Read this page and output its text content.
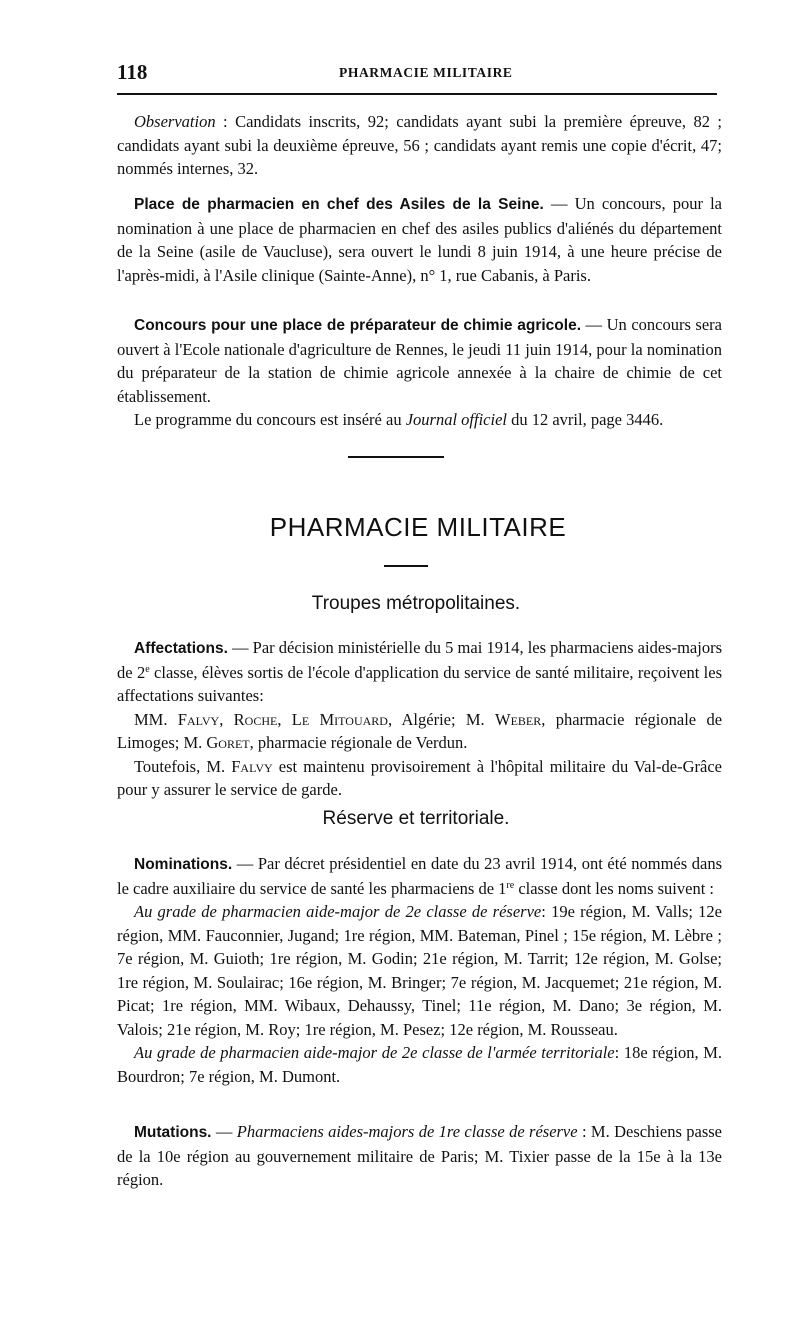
118	PHARMACIE MILITAIRE

Observation : Candidats inscrits, 92; candidats ayant subi la première épreuve, 82 ; candidats ayant subi la deuxième épreuve, 56 ; candidats ayant remis une copie d'écrit, 47; nommés internes, 32.

Place de pharmacien en chef des Asiles de la Seine. — Un concours, pour la nomination à une place de pharmacien en chef des asiles publics d'aliénés du département de la Seine (asile de Vaucluse), sera ouvert le lundi 8 juin 1914, à une heure précise de l'après-midi, à l'Asile clinique (Sainte-Anne), n° 1, rue Cabanis, à Paris.

Concours pour une place de préparateur de chimie agricole. — Un concours sera ouvert à l'Ecole nationale d'agriculture de Rennes, le jeudi 11 juin 1914, pour la nomination du préparateur de la station de chimie agricole annexée à la chaire de chimie de cet établissement.

Le programme du concours est inséré au Journal officiel du 12 avril, page 3446.

PHARMACIE MILITAIRE
Troupes métropolitaines.

Affectations. — Par décision ministérielle du 5 mai 1914, les pharmaciens aides-majors de 2e classe, élèves sortis de l'école d'application du service de santé militaire, reçoivent les affectations suivantes:

MM. Falvy, Roche, Le Mitouard, Algérie; M. Weber, pharmacie régionale de Limoges; M. Goret, pharmacie régionale de Verdun.

Toutefois, M. Falvy est maintenu provisoirement à l'hôpital militaire du Val-de-Grâce pour y assurer le service de garde.

Réserve et territoriale.

Nominations. — Par décret présidentiel en date du 23 avril 1914, ont été nommés dans le cadre auxiliaire du service de santé les pharmaciens de 1re classe dont les noms suivent :

Au grade de pharmacien aide-major de 2e classe de réserve: 19e région, M. Valls; 12e région, MM. Fauconnier, Jugand; 1re région, MM. Bateman, Pinel ; 15e région, M. Lèbre ; 7e région, M. Guioth; 1re région, M. Godin; 21e région, M. Tarrit; 12e région, M. Golse; 1re région, M. Soulairac; 16e région, M. Bringer; 7e région, M. Jacquemet; 21e région, M. Picat; 1re région, MM. Wibaux, Dehaussy, Tinel; 11e région, M. Dano; 3e région, M. Valois; 21e région, M. Roy; 1re région, M. Pesez; 12e région, M. Rousseau.

Au grade de pharmacien aide-major de 2e classe de l'armée territoriale: 18e région, M. Bourdron; 7e région, M. Dumont.

Mutations. — Pharmaciens aides-majors de 1re classe de réserve : M. Deschiens passe de la 10e région au gouvernement militaire de Paris; M. Tixier passe de la 15e à la 13e région.
